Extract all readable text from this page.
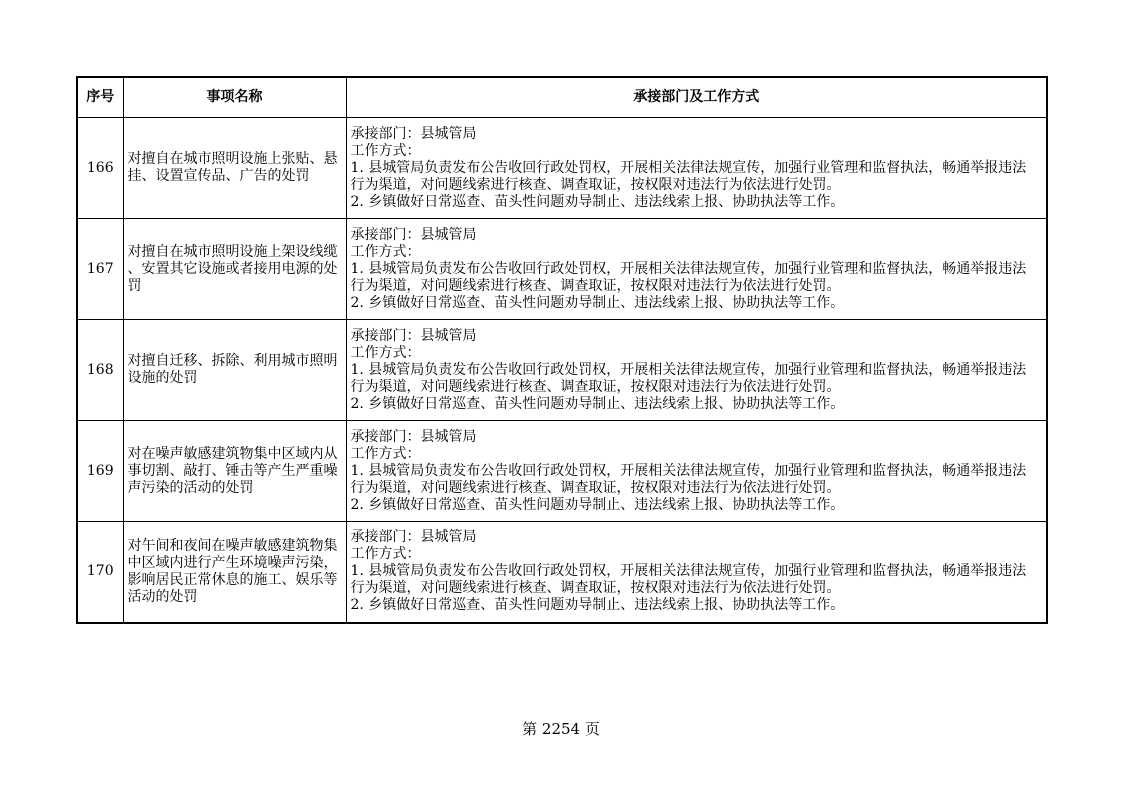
序号	事项名称	承接部门及工作方式
166	对擅自在城市照明设施上张贴、悬挂、设置宣传品、广告的处罚	承接部门：县城管局
工作方式：
1. 县城管局负责发布公告收回行政处罚权，开展相关法律法规宣传，加强行业管理和监督执法，畅通举报违法行为渠道，对问题线索进行核查、调查取证，按权限对违法行为依法进行处罚。
2. 乡镇做好日常巡查、苗头性问题劝导制止、违法线索上报、协助执法等工作。

167	对擅自在城市照明设施上架设线缆、安置其它设施或者接用电源的处罚	承接部门：县城管局
工作方式：
1. 县城管局负责发布公告收回行政处罚权，开展相关法律法规宣传，加强行业管理和监督执法，畅通举报违法行为渠道，对问题线索进行核查、调查取证，按权限对违法行为依法进行处罚。
2. 乡镇做好日常巡查、苗头性问题劝导制止、违法线索上报、协助执法等工作。

168	对擅自迁移、拆除、利用城市照明设施的处罚	承接部门：县城管局
工作方式：
1. 县城管局负责发布公告收回行政处罚权，开展相关法律法规宣传，加强行业管理和监督执法，畅通举报违法行为渠道，对问题线索进行核查、调查取证，按权限对违法行为依法进行处罚。
2. 乡镇做好日常巡查、苗头性问题劝导制止、违法线索上报、协助执法等工作。

169	对在噪声敏感建筑物集中区域内从事切割、敲打、锤击等产生严重噪声污染的活动的处罚	承接部门：县城管局
工作方式：
1. 县城管局负责发布公告收回行政处罚权，开展相关法律法规宣传，加强行业管理和监督执法，畅通举报违法行为渠道，对问题线索进行核查、调查取证，按权限对违法行为依法进行处罚。
2. 乡镇做好日常巡查、苗头性问题劝导制止、违法线索上报、协助执法等工作。

170	对午间和夜间在噪声敏感建筑物集中区域内进行产生环境噪声污染，影响居民正常休息的施工、娱乐等活动的处罚	承接部门：县城管局
工作方式：
1. 县城管局负责发布公告收回行政处罚权，开展相关法律法规宣传，加强行业管理和监督执法，畅通举报违法行为渠道，对问题线索进行核查、调查取证，按权限对违法行为依法进行处罚。
2. 乡镇做好日常巡查、苗头性问题劝导制止、违法线索上报、协助执法等工作。
第 2254 页
